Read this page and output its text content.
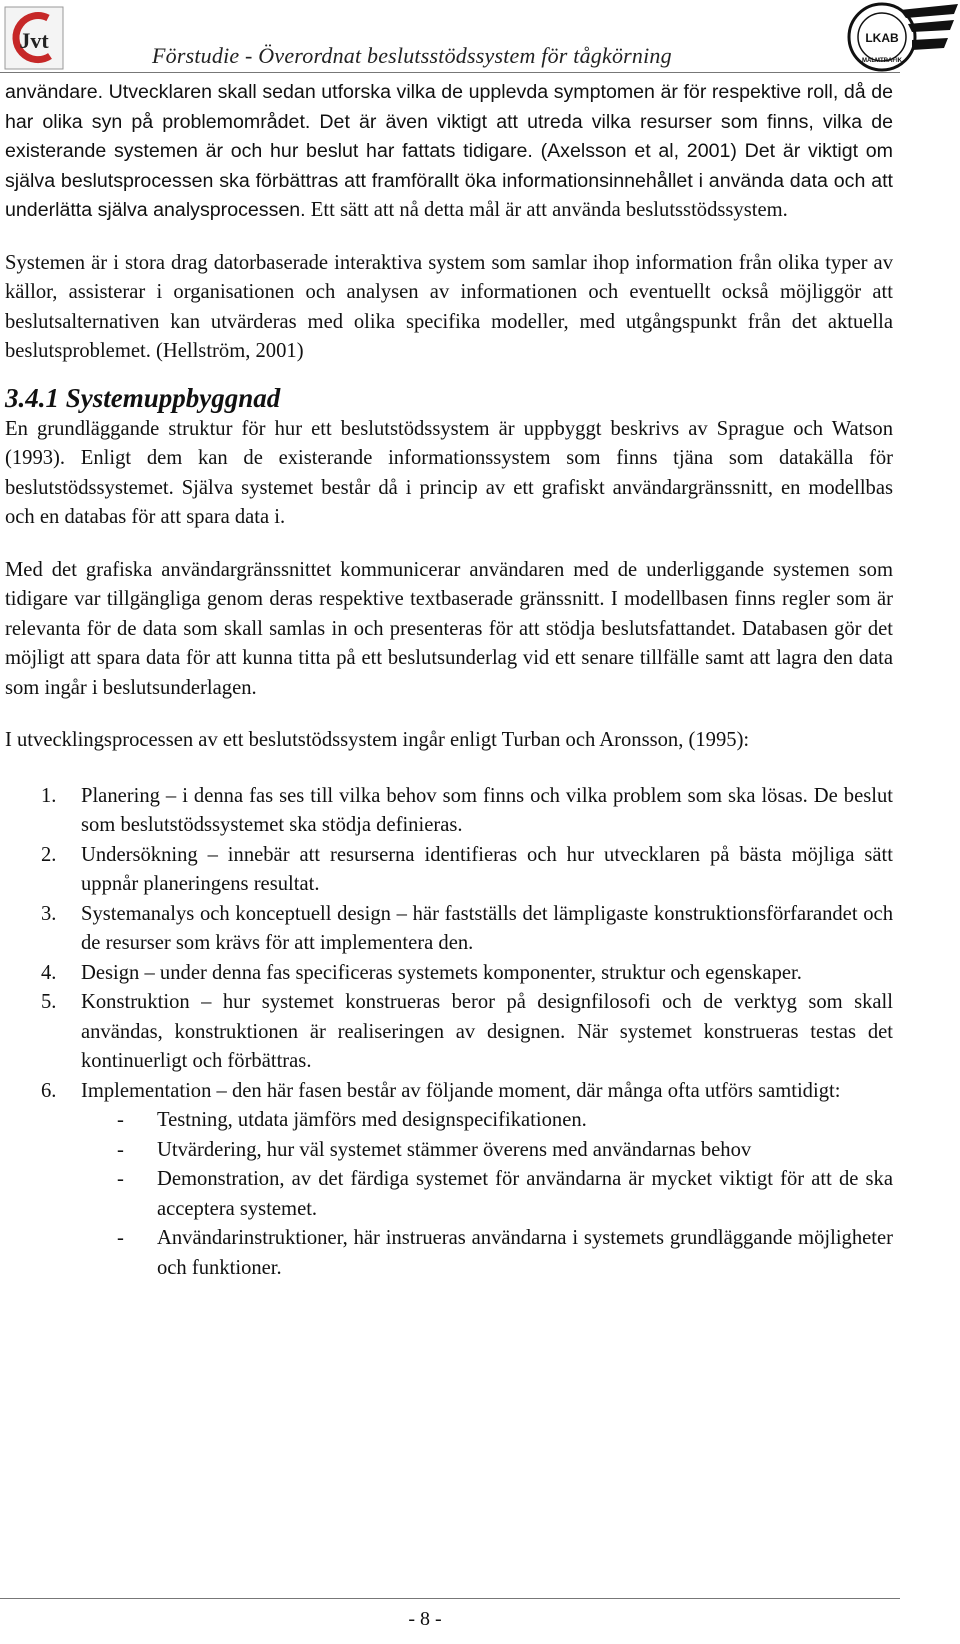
Jvt
Förstudie - Överordnat beslutsstödssystem för tågkörning
LKAB
MALMTRAFIK

användare. Utvecklaren skall sedan utforska vilka de upplevda symptomen är för respektive roll, då de har olika syn på problemområdet. Det är även viktigt att utreda vilka resurser som finns, vilka de existerande systemen är och hur beslut har fattats tidigare. (Axelsson et al, 2001) Det är viktigt om själva beslutsprocessen ska förbättras att framförallt öka informationsinnehållet i använda data och att underlätta själva analysprocessen. Ett sätt att nå detta mål är att använda beslutsstödssystem.

Systemen är i stora drag datorbaserade interaktiva system som samlar ihop information från olika typer av källor, assisterar i organisationen och analysen av informationen och eventuellt också möjliggör att beslutsalternativen kan utvärderas med olika specifika modeller, med utgångspunkt från det aktuella beslutsproblemet. (Hellström, 2001)

3.4.1 Systemuppbyggnad

En grundläggande struktur för hur ett beslutstödssystem är uppbyggt beskrivs av Sprague och Watson (1993). Enligt dem kan de existerande informationssystem som finns tjäna som datakälla för beslutstödssystemet. Själva systemet består då i princip av ett grafiskt användargränssnitt, en modellbas och en databas för att spara data i.

Med det grafiska användargränssnittet kommunicerar användaren med de underliggande systemen som tidigare var tillgängliga genom deras respektive textbaserade gränssnitt. I modellbasen finns regler som är relevanta för de data som skall samlas in och presenteras för att stödja beslutsfattandet. Databasen gör det möjligt att spara data för att kunna titta på ett beslutsunderlag vid ett senare tillfälle samt att lagra den data som ingår i beslutsunderlagen.

I utvecklingsprocessen av ett beslutstödssystem ingår enligt Turban och Aronsson, (1995):

1. Planering – i denna fas ses till vilka behov som finns och vilka problem som ska lösas. De beslut som beslutstödssystemet ska stödja definieras.
2. Undersökning – innebär att resurserna identifieras och hur utvecklaren på bästa möjliga sätt uppnår planeringens resultat.
3. Systemanalys och konceptuell design – här fastställs det lämpligaste konstruktionsförfarandet och de resurser som krävs för att implementera den.
4. Design – under denna fas specificeras systemets komponenter, struktur och egenskaper.
5. Konstruktion – hur systemet konstrueras beror på designfilosofi och de verktyg som skall användas, konstruktionen är realiseringen av designen. När systemet konstrueras testas det kontinuerligt och förbättras.
6. Implementation – den här fasen består av följande moment, där många ofta utförs samtidigt:
- Testning, utdata jämförs med designspecifikationen.
- Utvärdering, hur väl systemet stämmer överens med användarnas behov
- Demonstration, av det färdiga systemet för användarna är mycket viktigt för att de ska acceptera systemet.
- Användarinstruktioner, här instrueras användarna i systemets grundläggande möjligheter och funktioner.
- 8 -
